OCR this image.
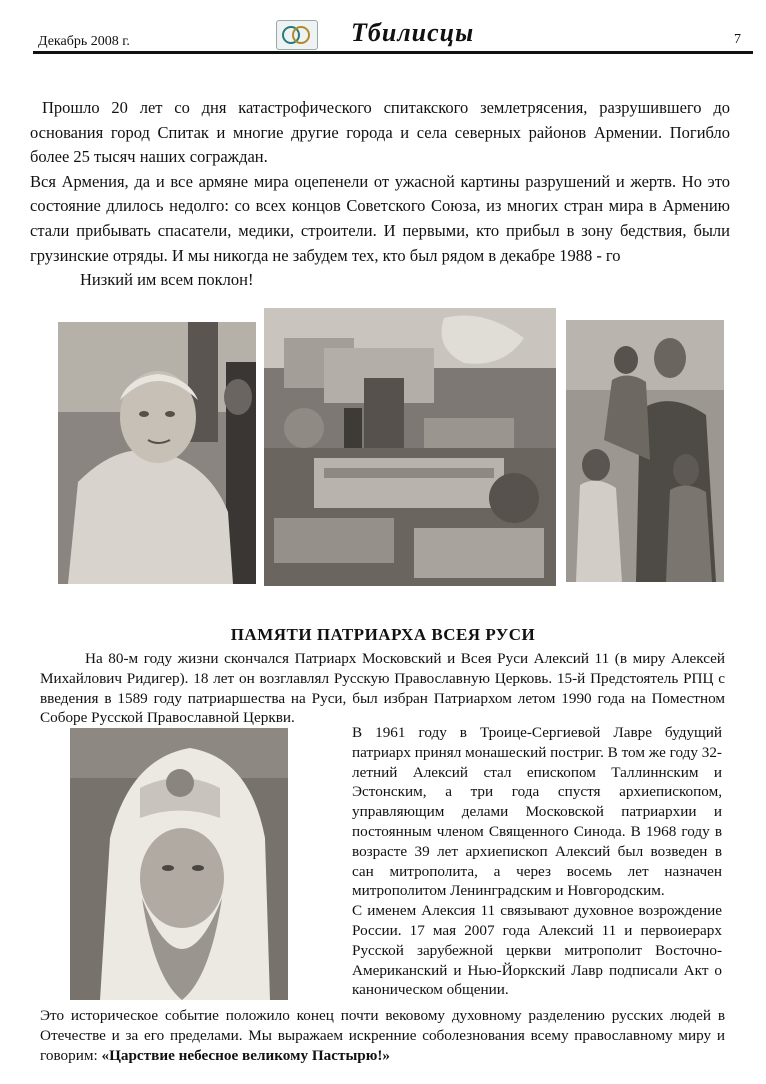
Декабрь 2008 г.	Тбилисцы	7

Прошло 20 лет со дня катастрофического спитакского землетрясения, разрушившего до основания город Спитак и многие другие города и села северных районов Армении. Погибло более 25 тысяч наших сограждан.

Вся Армения, да и все армяне мира оцепенели от ужасной картины разрушений и жертв. Но это состояние длилось недолго: со всех концов Советского Союза, из многих стран мира в Армению стали прибывать спасатели, медики, строители. И первыми, кто прибыл в зону бедствия, были грузинские отряды. И мы никогда не забудем тех, кто был рядом в декабре 1988 - го

Низкий им всем поклон!

ПАМЯТИ ПАТРИАРХА ВСЕЯ РУСИ

На 80-м году жизни скончался Патриарх Московский и Всея Руси Алексий 11 (в миру Алексей Михайлович Ридигер). 18 лет он возглавлял Русскую Православную Церковь. 15-й Предстоятель РПЦ с введения в 1589 году патриаршества на Руси, был избран Патриархом летом 1990 года на Поместном Соборе Русской Православной Церкви.

В 1961 году в Троице-Сергиевой Лавре будущий патриарх принял монашеский постриг. В том же году 32-летний Алексий стал епископом Таллиннским и Эстонским, а три года спустя архиепископом, управляющим делами Московской патриархии и постоянным членом Священного Синода. В 1968 году в возрасте 39 лет архиепископ Алексий был возведен в сан митрополита, а через восемь лет назначен митрополитом Ленинградским и Новгородским.

С именем Алексия 11 связывают духовное возрождение России. 17 мая 2007 года Алексий 11 и первоиерарх Русской зарубежной церкви митрополит Восточно-Американский и Нью-Йоркский Лавр подписали Акт о каноническом общении.

Это историческое событие положило конец почти вековому духовному разделению русских людей в Отечестве и за его пределами. Мы выражаем искренние соболезнования всему православному миру и говорим: «Царствие небесное великому Пастырю!»
